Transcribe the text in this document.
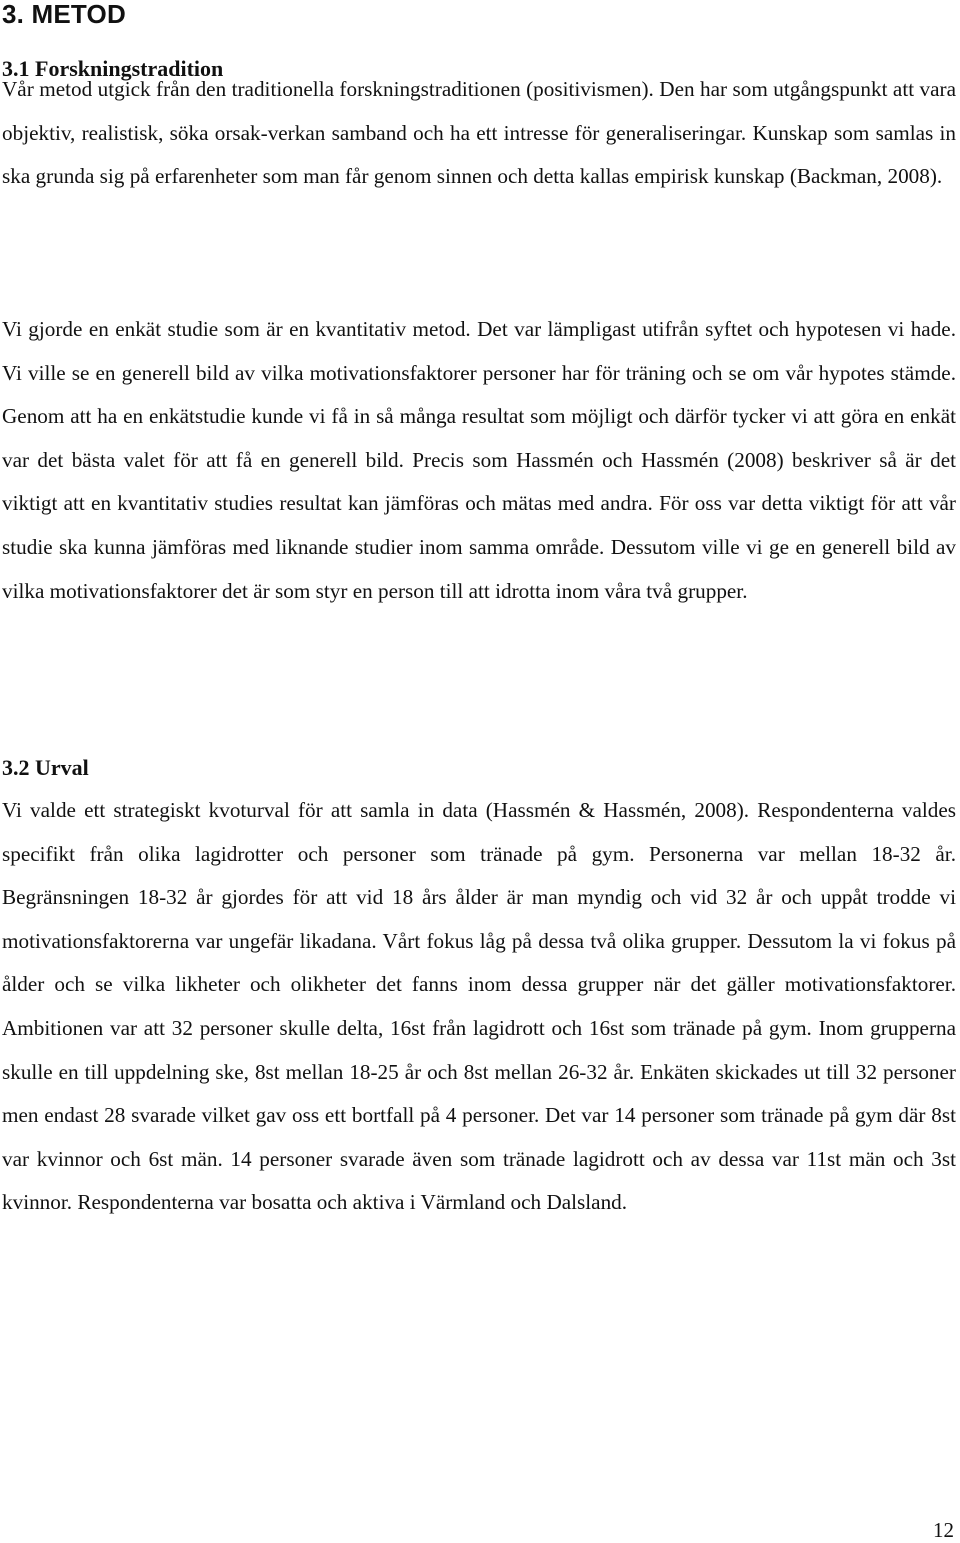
3. METOD
3.1 Forskningstradition

Vår metod utgick från den traditionella forskningstraditionen (positivismen). Den har som utgångspunkt att vara objektiv, realistisk, söka orsak-verkan samband och ha ett intresse för generaliseringar. Kunskap som samlas in ska grunda sig på erfarenheter som man får genom sinnen och detta kallas empirisk kunskap (Backman, 2008).

Vi gjorde en enkät studie som är en kvantitativ metod. Det var lämpligast utifrån syftet och hypotesen vi hade. Vi ville se en generell bild av vilka motivationsfaktorer personer har för träning och se om vår hypotes stämde. Genom att ha en enkätstudie kunde vi få in så många resultat som möjligt och därför tycker vi att göra en enkät var det bästa valet för att få en generell bild. Precis som Hassmén och Hassmén (2008) beskriver så är det viktigt att en kvantitativ studies resultat kan jämföras och mätas med andra. För oss var detta viktigt för att vår studie ska kunna jämföras med liknande studier inom samma område. Dessutom ville vi ge en generell bild av vilka motivationsfaktorer det är som styr en person till att idrotta inom våra två grupper.

3.2 Urval

Vi valde ett strategiskt kvoturval för att samla in data (Hassmén & Hassmén, 2008). Respondenterna valdes specifikt från olika lagidrotter och personer som tränade på gym. Personerna var mellan 18-32 år. Begränsningen 18-32 år gjordes för att vid 18 års ålder är man myndig och vid 32 år och uppåt trodde vi motivationsfaktorerna var ungefär likadana. Vårt fokus låg på dessa två olika grupper. Dessutom la vi fokus på ålder och se vilka likheter och olikheter det fanns inom dessa grupper när det gäller motivationsfaktorer. Ambitionen var att 32 personer skulle delta, 16st från lagidrott och 16st som tränade på gym. Inom grupperna skulle en till uppdelning ske, 8st mellan 18-25 år och 8st mellan 26-32 år. Enkäten skickades ut till 32 personer men endast 28 svarade vilket gav oss ett bortfall på 4 personer. Det var 14 personer som tränade på gym där 8st var kvinnor och 6st män. 14 personer svarade även som tränade lagidrott och av dessa var 11st män och 3st kvinnor. Respondenterna var bosatta och aktiva i Värmland och Dalsland.

12
